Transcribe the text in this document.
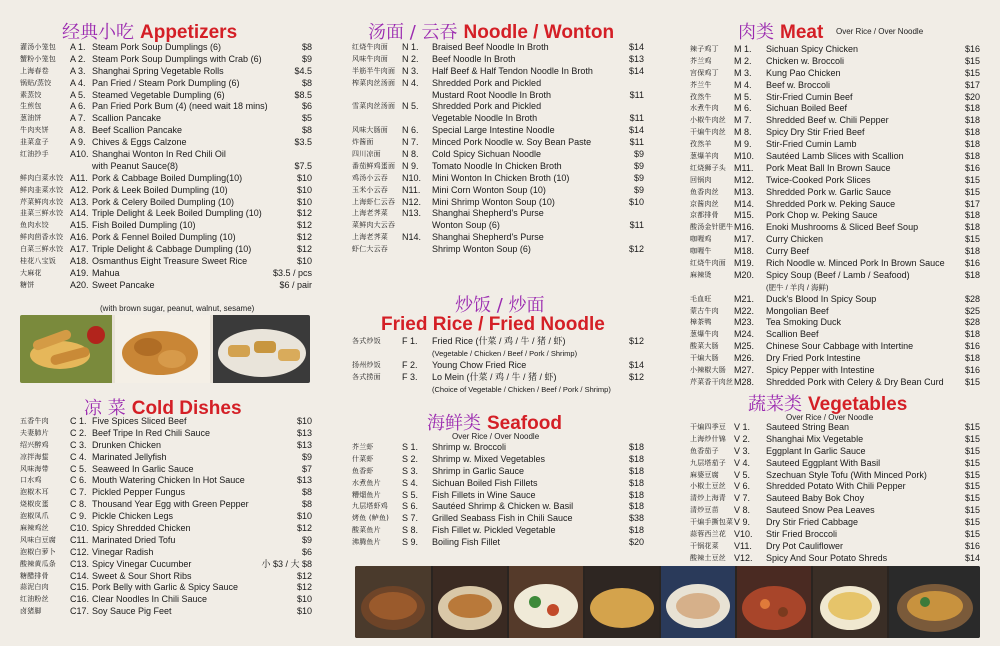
经典小吃 Appetizers
灌汤小笼包 A 1. Steam Pork Soup Dumplings (6)	$8
蟹粉小笼包 A 2. Steam Pork Soup Dumplings with Crab (6)	$9
上海春卷 A 3. Shanghai Spring Vegetable Rolls	$4.5
锅贴/蒸饺 A 4. Pan Fried / Steam Pork Dumpling (6)	$8
素蒸饺	A 5. Steamed Vegetable Dumpling (6)	$8.5
生煎包	A 6. Pan Fried Pork Bum (4) (need wait 18 mins)	$6
葱油饼	A 7. Scallion Pancake	$5
牛肉夹饼 A 8. Beef Scallion Pancake	$8
韭菜盒子 A 9. Chives & Eggs Calzone	$3.5
红油抄手 A10. Shanghai Wonton In Red Chili Oil
with Peanut Sauce(8)	$7.5
鲜肉白菜水饺 A11. Pork & Cabbage Boiled Dumpling(10)	$10
鲜肉韭菜水饺 A12. Pork & Leek Boiled Dumpling (10)	$10
芹菜鲜肉水饺 A13. Pork & Celery Boiled Dumpling (10)	$10
韭菜三鲜水饺 A14. Triple Delight & Leek Boiled Dumpling (10)	$12
鱼肉水饺 A15. Fish Boiled Dumpling (10)	$12
鲜肉茴香水饺 A16. Pork & Fennel Boiled Dumpling (10)	$12
白菜三鲜水饺 A17. Triple Delight & Cabbage Dumpling (10)	$12
桂花八宝饭 A18. Osmanthus Eight Treasure Sweet Rice	$10
大麻花	A19. Mahua	$3.5 / pcs
糖饼	A20. Sweet Pancake	$6 / pair
(with brown sugar, peanut, walnut, sesame)
凉 菜 Cold Dishes
五香牛肉 C 1. Five Spices Sliced Beef	$10
夫妻肺片 C 2. Beef Tripe In Red Chili Sauce	$13
绍兴醉鸡 C 3. Drunken Chicken	$13
凉拌海蜇 C 4. Marinated Jellyfish	$9
风味海带 C 5. Seaweed In Garlic Sauce	$7
口水鸡	C 6. Mouth Watering Chicken In Hot Sauce	$13
泡椒木耳 C 7. Pickled Pepper Fungus	$8
烧椒皮蛋 C 8. Thousand Year Egg with Green Pepper	$8
泡椒凤爪 C 9. Pickle Chicken Legs	$10
麻辣鸡丝 C10. Spicy Shredded Chicken	$12
风味白豆腐 C11. Marinated Dried Tofu	$9
泡椒白萝卜 C12. Vinegar Radish	$6
酸辣黄瓜条 C13. Spicy Vinegar Cucumber	小 $3 / 大 $8
糖醋排骨 C14. Sweet & Sour Short Ribs	$12
蒜泥白肉 C15. Pork Belly with Garlic & Spicy Sauce	$12
红油粉丝 C16. Clear Noodles In Chili Sauce	$10
卤猪脚	C17. Soy Sauce Pig Feet	$10
汤面 / 云吞 Noodle / Wonton
红烧牛肉面 N 1. Braised Beef Noodle In Broth	$14
风味牛肉面 N 2. Beef Noodle In Broth	$13
半筋半牛肉面 N 3. Half Beef & Half Tendon Noodle In Broth	$14
榨菜肉丝汤面 N 4. Shredded Pork and Pickled
Mustard Root Noodle In Broth	$11
雪菜肉丝汤面 N 5. Shredded Pork and Pickled
Vegetable Noodle In Broth	$11
风味大肠面 N 6. Special Large Intestine Noodle	$14
炸酱面	N 7. Minced Pork Noodle w. Soy Bean Paste	$11
四川凉面 N 8. Cold Spicy Sichuan Noodle	$9
番茄鲜鸡蛋面 N 9. Tomato Noodle In Chicken Broth	$9
鸡汤小云吞 N10. Mini Wonton In Chicken Broth (10)	$9
玉米小云吞 N11. Mini Corn Wonton Soup (10)	$9
上海虾仁云吞 N12. Mini Shrimp Wonton Soup (10)	$10
上海老荠菜 N13. Shanghai Shepherd's Purse
菜鲜肉大云吞	Wonton Soup (6)	$11
上海老荠菜 N14. Shanghai Shepherd's Purse
虾仁大云吞	Shrimp Wonton Soup (6)	$12
炒饭 / 炒面
Fried Rice / Fried Noodle
各式炒饭 F 1. Fried Rice (什菜 / 鸡 / 牛 / 猪 / 虾)	$12
(Vegetable / Chicken / Beef / Pork / Shrimp)
扬州炒饭 F 2. Young Chow Fried Rice	$14
各式捞面 F 3. Lo Mein (什菜 / 鸡 / 牛 / 猪 / 虾)	$12
(Choice of Vegetable / Chicken / Beef / Pork / Shrimp)
海鲜类 Seafood
Over Rice / Over Noodle
芥兰虾	S 1. Shrimp w. Broccoli	$18
什菜虾	S 2. Shrimp w. Mixed Vegetables	$18
鱼香虾	S 3. Shrimp in Garlic Sauce	$18
水煮鱼片 S 4. Sichuan Boiled Fish Fillets	$18
糟熘鱼片 S 5. Fish Fillets in Wine Sauce	$18
九层塔虾鸡 S 6. Sautéed Shrimp & Chicken w. Basil	$18
烤鱼 (鲈鱼) S 7. Grilled Seabass Fish in Chili Sauce	$38
酸菜鱼片 S 8. Fish Fillet w. Pickled Vegetable	$18
沸腾鱼片 S 9. Boiling Fish Fillet	$20
肉类 Meat Over Rice / Over Noodle
辣子鸡丁 M 1. Sichuan Spicy Chicken	$16
芥兰鸡 M 2. Chicken w. Broccoli	$15
宫保鸡丁 M 3. Kung Pao Chicken	$15
芥兰牛 M 4. Beef w. Broccoli	$17
孜然牛 M 5. Stir-Fried Cumin Beef	$20
水煮牛肉 M 6. Sichuan Boiled Beef	$18
小椒牛肉丝 M 7. Shredded Beef w. Chili Pepper	$18
干煸牛肉丝 M 8. Spicy Dry Stir Fried Beef	$18
孜然羊 M 9. Stir-Fried Cumin Lamb	$18
葱爆羊肉 M10. Sautéed Lamb Slices with Scallion	$18
红烧狮子头 M11. Pork Meat Ball In Brown Sauce	$16
回锅肉 M12. Twice-Cooked Pork Slices	$15
鱼香肉丝 M13. Shredded Pork w. Garlic Sauce	$15
京酱肉丝 M14. Shredded Pork w. Peking Sauce	$17
京都排骨 M15. Pork Chop w. Peking Sauce	$18
酸汤金针肥牛 M16. Enoki Mushrooms & Sliced Beef Soup	$18
咖喱鸡 M17. Curry Chicken	$15
咖喱牛 M18. Curry Beef	$18
红烧牛肉面 M19. Rich Noodle w. Minced Pork In Brown Sauce $16
麻辣烫 M20. Spicy Soup (Beef / Lamb / Seafood)	$18
(肥牛 / 羊肉 / 海鲜)
毛血旺 M21. Duck's Blood In Spicy Soup	$28
蒙古牛肉 M22. Mongolian Beef	$25
樟茶鸭 M23. Tea Smoking Duck	$28
葱爆牛肉 M24. Scallion Beef	$18
酸菜大肠 M25. Chinese Sour Cabbage with Intertine	$16
干煸大肠 M26. Dry Fried Pork Intestine	$18
小辣椒大肠 M27. Spicy Pepper with Intestine	$16
芹菜香干肉丝 M28. Shredded Pork with Celery & Dry Bean Curd $15
蔬菜类 Vegetables
Over Rice / Over Noodle
干煸四季豆 V 1. Sauteed String Bean	$15
上海炒什锦 V 2. Shanghai Mix Vegetable	$15
鱼香茄子 V 3. Eggplant In Garlic Sauce	$15
九层塔茄子 V 4. Sauteed Eggplant With Basil	$15
麻婆豆腐 V 5. Szechuan Style Tofu (With Minced Pork)	$15
小椒土豆丝 V 6. Shredded Potato With Chili Pepper	$15
清炒上海青 V 7. Sauteed Baby Bok Choy	$15
清炒豆苗 V 8. Sauteed Snow Pea Leaves	$15
干煸手撕包菜 V 9. Dry Stir Fried Cabbage	$15
蒜蓉西兰花 V10. Stir Fried Broccoli	$15
干锅花菜 V11. Dry Pot Cauliflower	$16
酸辣土豆丝 V12. Spicy And Sour Potato Shreds	$14
